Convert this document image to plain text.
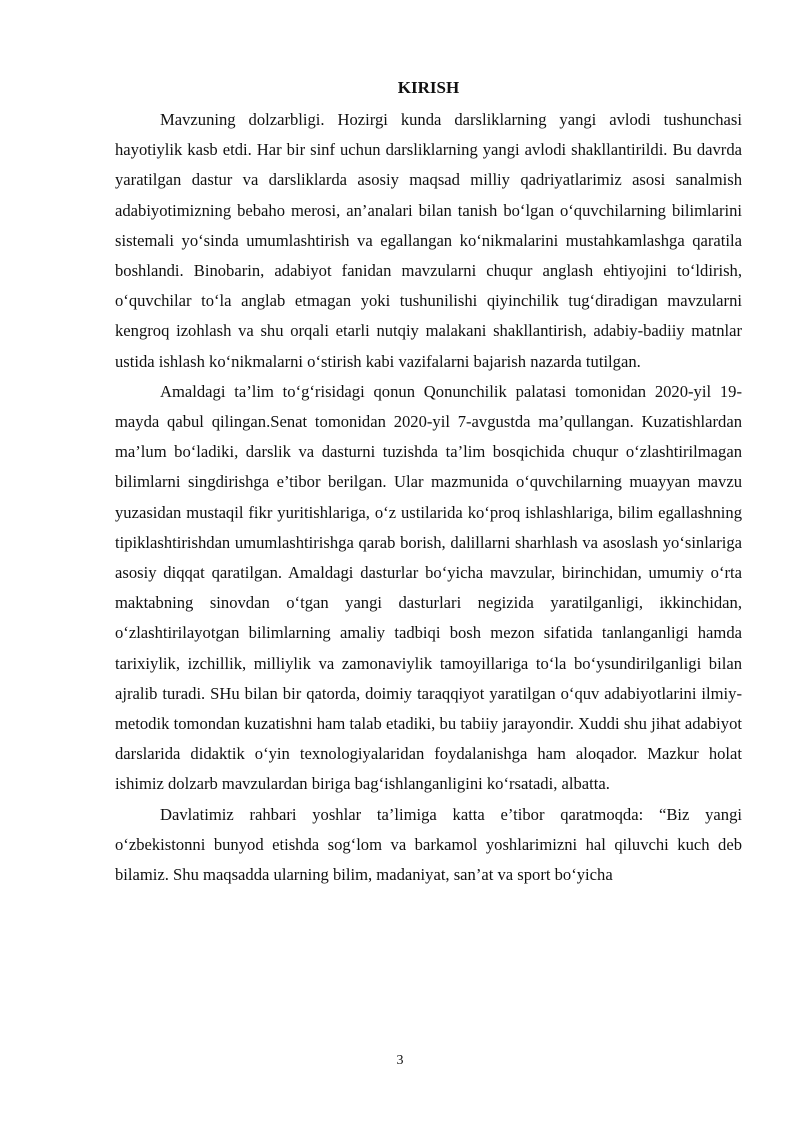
KIRISH

Mavzuning dolzarbligi. Hozirgi kunda darsliklarning yangi avlodi tushunchasi hayotiylik kasb etdi. Har bir sinf uchun darsliklarning yangi avlodi shakllantirildi. Bu davrda yaratilgan dastur va darsliklarda asosiy maqsad milliy qadriyatlarimiz asosi sanalmish adabiyotimizning bebaho merosi, an’analari bilan tanish bo‘lgan o‘quvchilarning bilimlarini sistemali yo‘sinda umumlashtirish va egallangan ko‘nikmalarini mustahkamlashga qaratila boshlandi. Binobarin, adabiyot fanidan mavzularni chuqur anglash ehtiyojini to‘ldirish, o‘quvchilar to‘la anglab etmagan yoki tushunilishi qiyinchilik tug‘diradigan mavzularni kengroq izohlash va shu orqali etarli nutqiy malakani shakllantirish, adabiy-badiiy matnlar ustida ishlash ko‘nikmalarni o‘stirish kabi vazifalarni bajarish nazarda tutilgan.

Amaldagi ta’lim to‘g‘risidagi qonun Qonunchilik palatasi tomonidan 2020-yil 19-mayda qabul qilingan.Senat tomonidan 2020-yil 7-avgustda ma’qullangan. Kuzatishlardan ma’lum bo‘ladiki, darslik va dasturni tuzishda ta’lim bosqichida chuqur o‘zlashtirilmagan bilimlarni singdirishga e’tibor berilgan. Ular mazmunida o‘quvchilarning muayyan mavzu yuzasidan mustaqil fikr yuritishlariga, o‘z ustilarida ko‘proq ishlashlariga, bilim egallashning tipiklashtirishdan umumlashtirishga qarab borish, dalillarni sharhlash va asoslash yo‘sinlariga asosiy diqqat qaratilgan. Amaldagi dasturlar bo‘yicha mavzular, birinchidan, umumiy o‘rta maktabning sinovdan o‘tgan yangi dasturlari negizida yaratilganligi, ikkinchidan, o‘zlashtirilayotgan bilimlarning amaliy tadbiqi bosh mezon sifatida tanlanganligi hamda tarixiylik, izchillik, milliylik va zamonaviylik tamoyillariga to‘la bo‘ysundirilganligi bilan ajralib turadi. SHu bilan bir qatorda, doimiy taraqqiyot yaratilgan o‘quv adabiyotlarini ilmiy-metodik tomondan kuzatishni ham talab etadiki, bu tabiiy jarayondir. Xuddi shu jihat adabiyot darslarida didaktik o‘yin texnologiyalaridan foydalanishga ham aloqador. Mazkur holat ishimiz dolzarb mavzulardan biriga bag‘ishlanganligini ko‘rsatadi, albatta.

Davlatimiz rahbari yoshlar ta’limiga katta e’tibor qaratmoqda: “Biz yangi o‘zbekistonni bunyod etishda sog‘lom va barkamol yoshlarimizni hal qiluvchi kuch deb bilamiz. Shu maqsadda ularning bilim, madaniyat, san’at va sport bo‘yicha

3
